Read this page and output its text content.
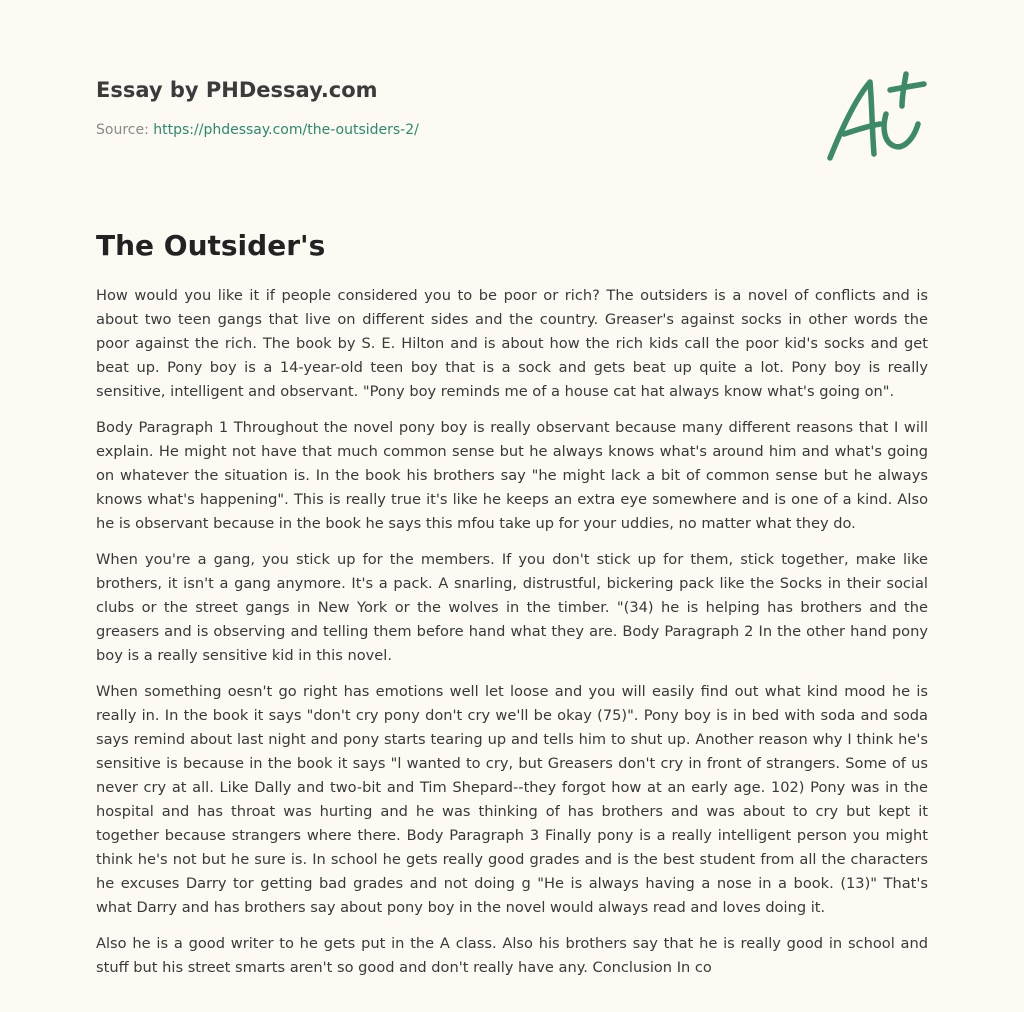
Essay by PHDessay.com
Source: https://phdessay.com/the-outsiders-2/
The Outsider's

How would you like it if people considered you to be poor or rich? The outsiders is a novel of conflicts and is about two teen gangs that live on different sides and the country. Greaser's against socks in other words the poor against the rich. The book by S. E. Hilton and is about how the rich kids call the poor kid's socks and get beat up. Pony boy is a 14-year-old teen boy that is a sock and gets beat up quite a lot. Pony boy is really sensitive, intelligent and observant. "Pony boy reminds me of a house cat hat always know what's going on".

Body Paragraph 1 Throughout the novel pony boy is really observant because many different reasons that I will explain. He might not have that much common sense but he always knows what's around him and what's going on whatever the situation is. In the book his brothers say "he might lack a bit of common sense but he always knows what's happening". This is really true it's like he keeps an extra eye somewhere and is one of a kind. Also he is observant because in the book he says this mfou take up for your uddies, no matter what they do.

When you're a gang, you stick up for the members. If you don't stick up for them, stick together, make like brothers, it isn't a gang anymore. It's a pack. A snarling, distrustful, bickering pack like the Socks in their social clubs or the street gangs in New York or the wolves in the timber. "(34) he is helping has brothers and the greasers and is observing and telling them before hand what they are. Body Paragraph 2 In the other hand pony boy is a really sensitive kid in this novel.

When something oesn't go right has emotions well let loose and you will easily find out what kind mood he is really in. In the book it says "don't cry pony don't cry we'll be okay (75)". Pony boy is in bed with soda and soda says remind about last night and pony starts tearing up and tells him to shut up. Another reason why I think he's sensitive is because in the book it says "l wanted to cry, but Greasers don't cry in front of strangers. Some of us never cry at all. Like Dally and two-bit and Tim Shepard--they forgot how at an early age. 102) Pony was in the hospital and has throat was hurting and he was thinking of has brothers and was about to cry but kept it together because strangers where there. Body Paragraph 3 Finally pony is a really intelligent person you might think he's not but he sure is. In school he gets really good grades and is the best student from all the characters he excuses Darry tor getting bad grades and not doing g "He is always having a nose in a book. (13)" That's what Darry and has brothers say about pony boy in the novel would always read and loves doing it.

Also he is a good writer to he gets put in the A class. Also his brothers say that he is really good in school and stuff but his street smarts aren't so good and don't really have any. Conclusion In co
